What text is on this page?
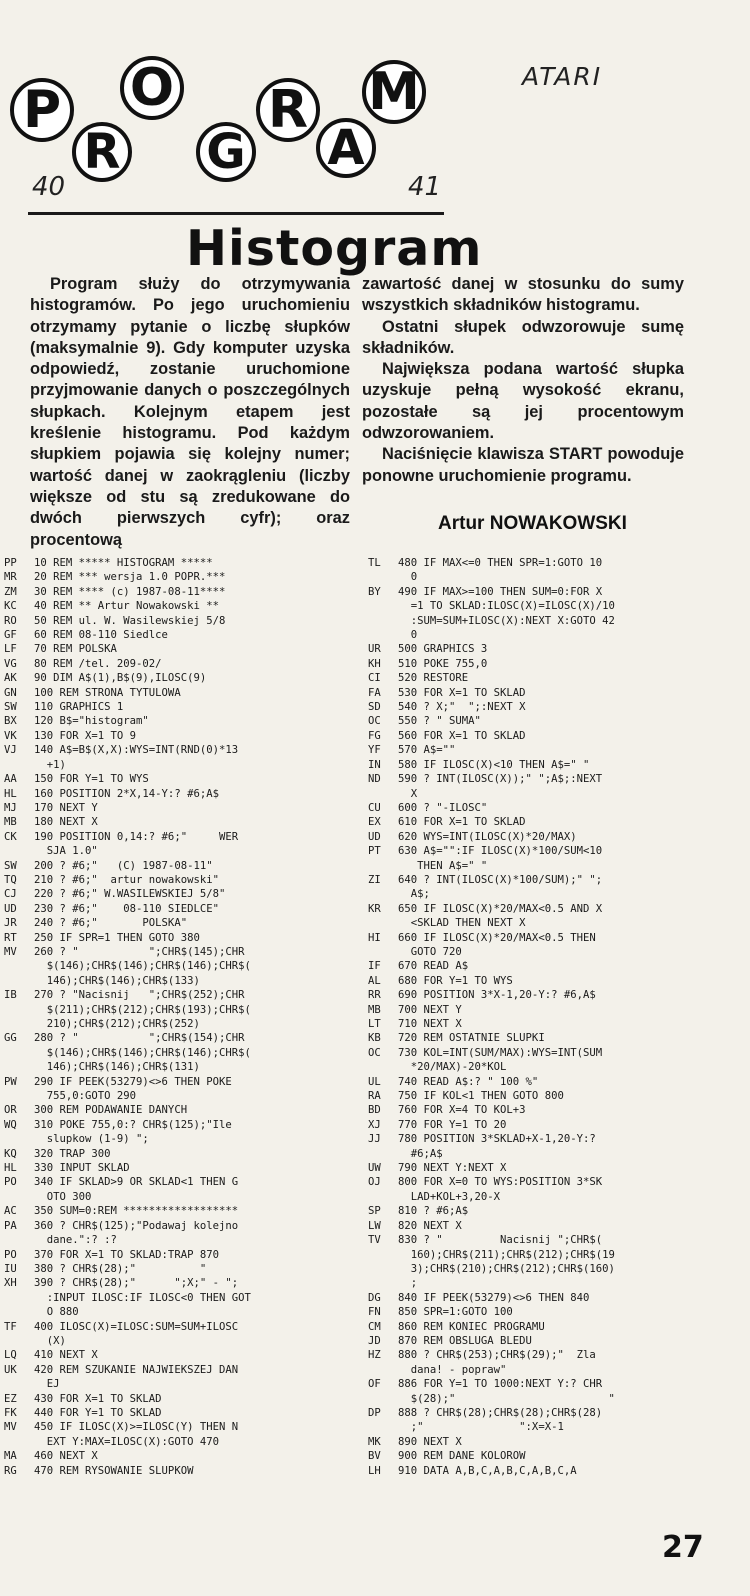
P
R
O
G
R
A
M
40	41
ATARI
Histogram

Program służy do otrzymywania histogramów. Po jego uruchomieniu otrzymamy pytanie o liczbę słupków (maksymalnie 9). Gdy komputer uzyska odpowiedź, zostanie uruchomione przyjmowanie danych o poszczególnych słupkach. Kolejnym etapem jest kreślenie histogramu. Pod każdym słupkiem pojawia się kolejny numer; wartość danej w zaokrągleniu (liczby większe od stu są zredukowane do dwóch pierwszych cyfr); oraz procentową

zawartość danej w stosunku do sumy wszystkich składników histogramu.

Ostatni słupek odwzorowuje sumę składników.

Największa podana wartość słupka uzyskuje pełną wysokość ekranu, pozostałe są jej procentowym odwzorowaniem.

Naciśnięcie klawisza START powoduje ponowne uruchomienie programu.

Artur NOWAKOWSKI
PP	10 REM ***** HISTOGRAM *****
MR	20 REM *** wersja 1.0 POPR.***
ZM	30 REM **** (c) 1987-08-11****
KC	40 REM ** Artur Nowakowski **
RO	50 REM ul. W. Wasilewskiej 5/8
GF	60 REM 08-110 Siedlce
LF	70 REM POLSKA
VG	80 REM /tel. 209-02/
AK	90 DIM A$(1),B$(9),ILOSC(9)
GN	100 REM STRONA TYTULOWA
SW	110 GRAPHICS 1
BX	120 B$="histogram"
VK	130 FOR X=1 TO 9
VJ	140 A$=B$(X,X):WYS=INT(RND(0)*13
+1)
AA	150 FOR Y=1 TO WYS
HL	160 POSITION 2*X,14-Y:? #6;A$
MJ	170 NEXT Y
MB	180 NEXT X
CK	190 POSITION 0,14:? #6;"     WER
SJA 1.0"
SW	200 ? #6;"   (C) 1987-08-11"
TQ	210 ? #6;"  artur nowakowski"
CJ	220 ? #6;" W.WASILEWSKIEJ 5/8"
UD	230 ? #6;"    08-110 SIEDLCE"
JR	240 ? #6;"       POLSKA"
RT	250 IF SPR=1 THEN GOTO 380
MV	260 ? "           ";CHR$(145);CHR
$(146);CHR$(146);CHR$(146);CHR$(
146);CHR$(146);CHR$(133)
IB	270 ? "Nacisnij   ";CHR$(252);CHR
$(211);CHR$(212);CHR$(193);CHR$(
210);CHR$(212);CHR$(252)
GG	280 ? "           ";CHR$(154);CHR
$(146);CHR$(146);CHR$(146);CHR$(
146);CHR$(146);CHR$(131)
PW	290 IF PEEK(53279)<>6 THEN POKE
755,0:GOTO 290
OR	300 REM PODAWANIE DANYCH
WQ	310 POKE 755,0:? CHR$(125);"Ile
slupkow (1-9) ";
KQ	320 TRAP 300
HL	330 INPUT SKLAD
PO	340 IF SKLAD>9 OR SKLAD<1 THEN G
OTO 300
AC	350 SUM=0:REM ******************
PA	360 ? CHR$(125);"Podawaj kolejno
dane.":? :?
PO	370 FOR X=1 TO SKLAD:TRAP 870
IU	380 ? CHR$(28);"          "
XH	390 ? CHR$(28);"      ";X;" - ";
:INPUT ILOSC:IF ILOSC<0 THEN GOT
O 880
TF	400 ILOSC(X)=ILOSC:SUM=SUM+ILOSC
(X)
LQ	410 NEXT X
UK	420 REM SZUKANIE NAJWIEKSZEJ DAN
EJ
EZ	430 FOR X=1 TO SKLAD
FK	440 FOR Y=1 TO SKLAD
MV	450 IF ILOSC(X)>=ILOSC(Y) THEN N
EXT Y:MAX=ILOSC(X):GOTO 470
MA	460 NEXT X
RG	470 REM RYSOWANIE SLUPKOW
TL	480 IF MAX<=0 THEN SPR=1:GOTO 10
0
BY	490 IF MAX>=100 THEN SUM=0:FOR X
=1 TO SKLAD:ILOSC(X)=ILOSC(X)/10
:SUM=SUM+ILOSC(X):NEXT X:GOTO 42
0
UR	500 GRAPHICS 3
KH	510 POKE 755,0
CI	520 RESTORE
FA	530 FOR X=1 TO SKLAD
SD	540 ? X;"  ";:NEXT X
OC	550 ? " SUMA"
FG	560 FOR X=1 TO SKLAD
YF	570 A$=""
IN	580 IF ILOSC(X)<10 THEN A$=" "
ND	590 ? INT(ILOSC(X));" ";A$;:NEXT
X
CU	600 ? "-ILOSC"
EX	610 FOR X=1 TO SKLAD
UD	620 WYS=INT(ILOSC(X)*20/MAX)
PT	630 A$="":IF ILOSC(X)*100/SUM<10
THEN A$=" "
ZI	640 ? INT(ILOSC(X)*100/SUM);" ";
A$;
KR	650 IF ILOSC(X)*20/MAX<0.5 AND X
<SKLAD THEN NEXT X
HI	660 IF ILOSC(X)*20/MAX<0.5 THEN
GOTO 720
IF	670 READ A$
AL	680 FOR Y=1 TO WYS
RR	690 POSITION 3*X-1,20-Y:? #6,A$
MB	700 NEXT Y
LT	710 NEXT X
KB	720 REM OSTATNIE SLUPKI
OC	730 KOL=INT(SUM/MAX):WYS=INT(SUM
*20/MAX)-20*KOL
UL	740 READ A$:? " 100 %"
RA	750 IF KOL<1 THEN GOTO 800
BD	760 FOR X=4 TO KOL+3
XJ	770 FOR Y=1 TO 20
JJ	780 POSITION 3*SKLAD+X-1,20-Y:?
#6;A$
UW	790 NEXT Y:NEXT X
OJ	800 FOR X=0 TO WYS:POSITION 3*SK
LAD+KOL+3,20-X
SP	810 ? #6;A$
LW	820 NEXT X
TV	830 ? "         Nacisnij ";CHR$(
160);CHR$(211);CHR$(212);CHR$(19
3);CHR$(210);CHR$(212);CHR$(160)
;
DG	840 IF PEEK(53279)<>6 THEN 840
FN	850 SPR=1:GOTO 100
CM	860 REM KONIEC PROGRAMU
JD	870 REM OBSLUGA BLEDU
HZ	880 ? CHR$(253);CHR$(29);"  Zla
dana! - popraw"
OF	886 FOR Y=1 TO 1000:NEXT Y:? CHR
$(28);"                        "
DP	888 ? CHR$(28);CHR$(28);CHR$(28)
;"               ":X=X-1
MK	890 NEXT X
BV	900 REM DANE KOLOROW
LH	910 DATA A,B,C,A,B,C,A,B,C,A
27
